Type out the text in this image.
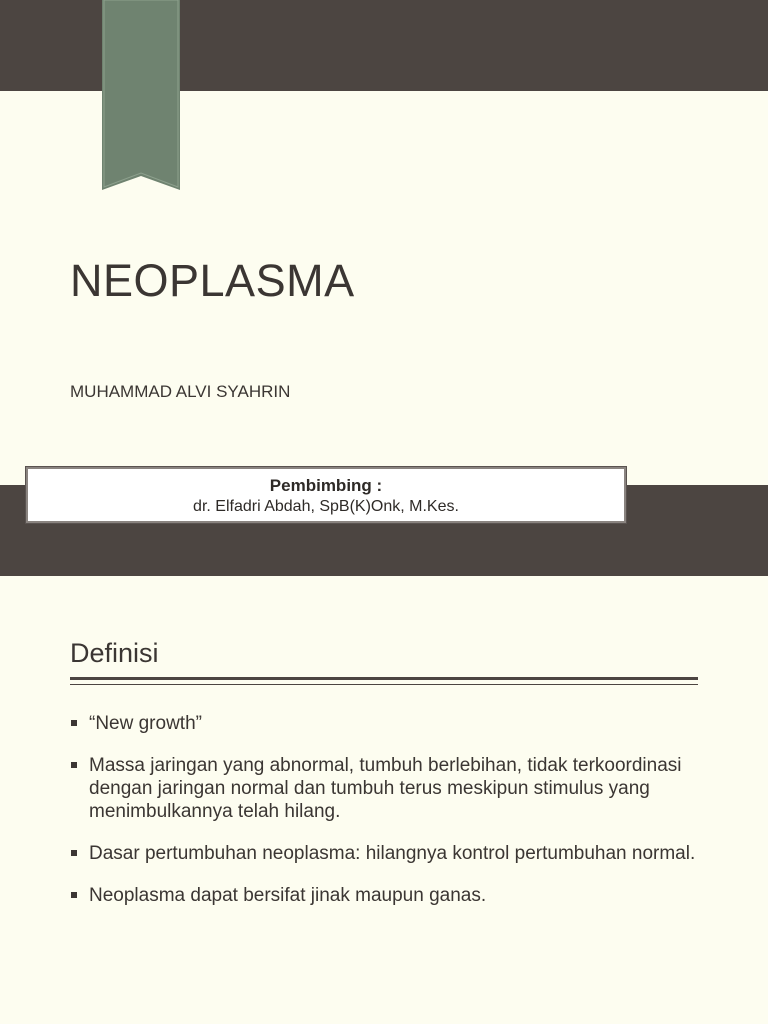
NEOPLASMA
MUHAMMAD ALVI SYAHRIN
Pembimbing :
dr. Elfadri Abdah, SpB(K)Onk, M.Kes.
Definisi
“New growth”
Massa jaringan yang abnormal, tumbuh berlebihan, tidak terkoordinasi dengan jaringan normal dan tumbuh terus meskipun stimulus yang menimbulkannya telah hilang.
Dasar pertumbuhan neoplasma: hilangnya kontrol pertumbuhan normal.
Neoplasma dapat bersifat jinak maupun ganas.
